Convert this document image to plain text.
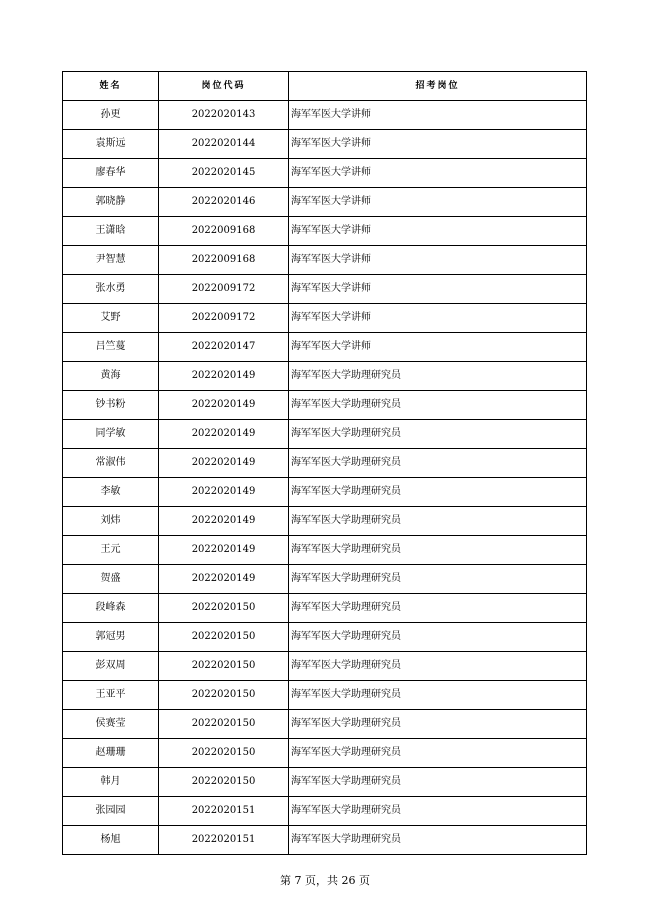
姓名	岗位代码	招考岗位
孙更	2022020143	海军军医大学讲师
袁斯远	2022020144	海军军医大学讲师
廖春华	2022020145	海军军医大学讲师
郭晓静	2022020146	海军军医大学讲师
王潇晗	2022009168	海军军医大学讲师
尹智慧	2022009168	海军军医大学讲师
张水勇	2022009172	海军军医大学讲师
艾野	2022009172	海军军医大学讲师
吕竺蔓	2022020147	海军军医大学讲师
黄海	2022020149	海军军医大学助理研究员
钞书粉	2022020149	海军军医大学助理研究员
同学敏	2022020149	海军军医大学助理研究员
常淑伟	2022020149	海军军医大学助理研究员
李敏	2022020149	海军军医大学助理研究员
刘炜	2022020149	海军军医大学助理研究员
王元	2022020149	海军军医大学助理研究员
贺盛	2022020149	海军军医大学助理研究员
段峰森	2022020150	海军军医大学助理研究员
郭冠男	2022020150	海军军医大学助理研究员
彭双周	2022020150	海军军医大学助理研究员
王亚平	2022020150	海军军医大学助理研究员
侯赛莹	2022020150	海军军医大学助理研究员
赵珊珊	2022020150	海军军医大学助理研究员
韩月	2022020150	海军军医大学助理研究员
张园园	2022020151	海军军医大学助理研究员
杨旭	2022020151	海军军医大学助理研究员
第 7 页，共 26 页
